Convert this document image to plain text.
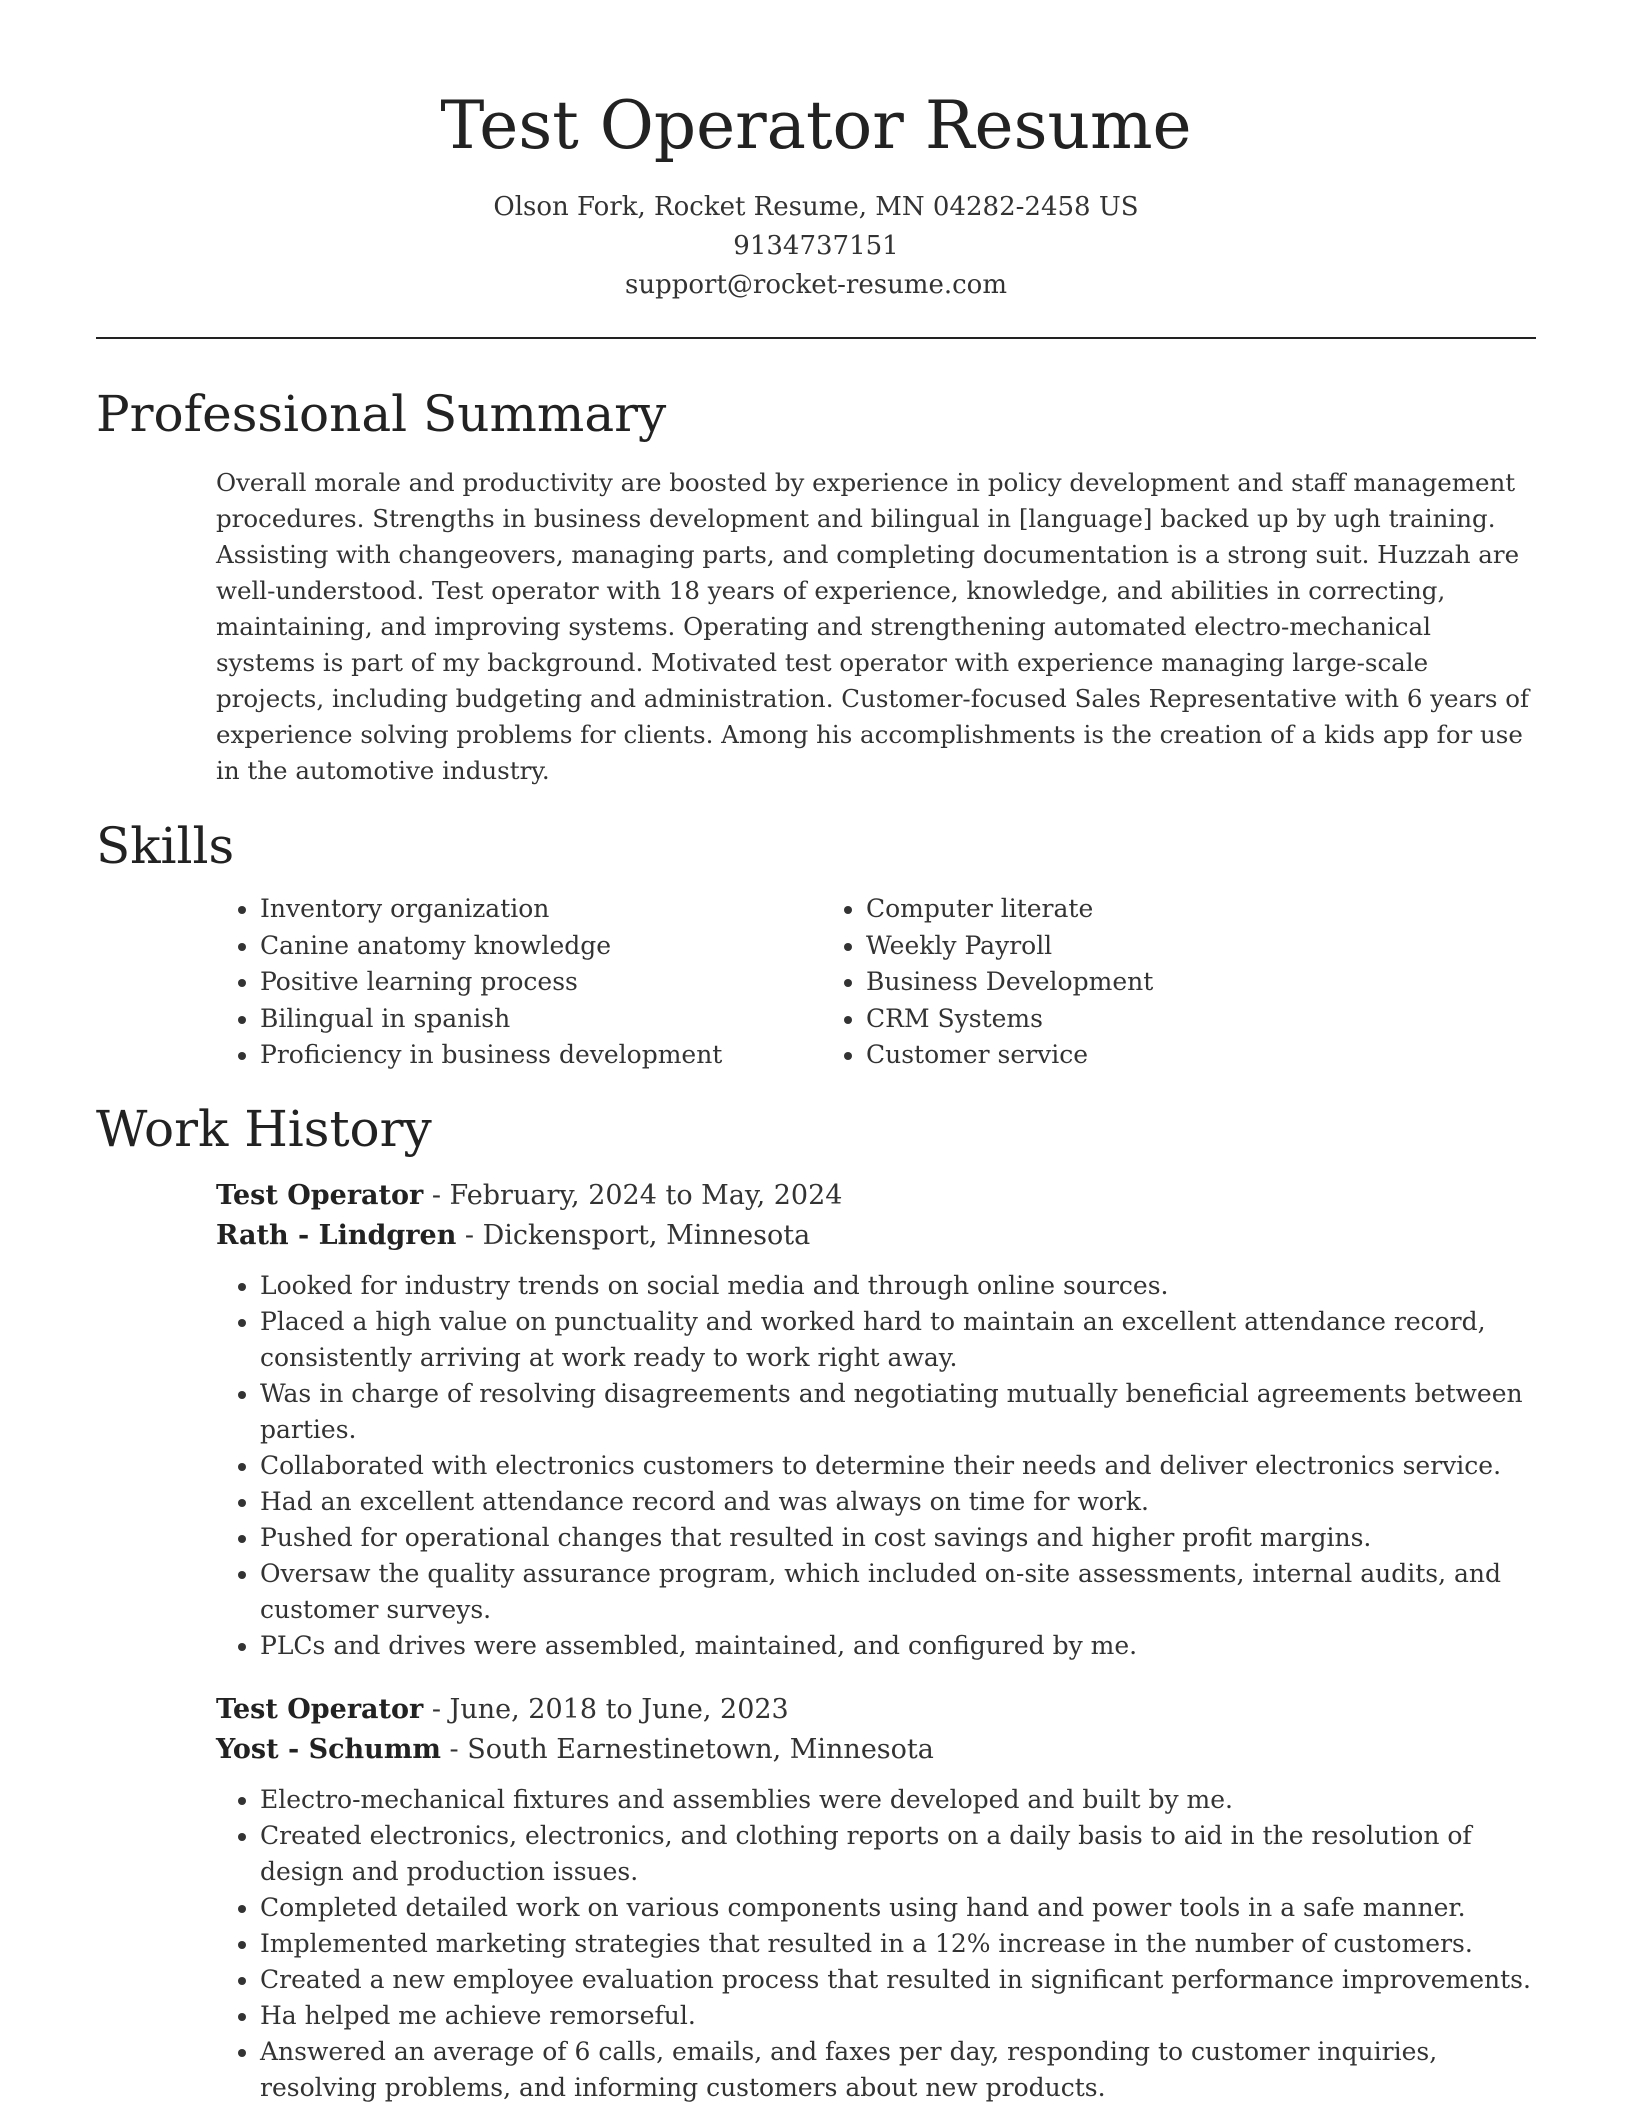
Test Operator Resume
Olson Fork, Rocket Resume, MN 04282-2458 US
9134737151
support@rocket-resume.com
Professional Summary
Overall morale and productivity are boosted by experience in policy development and staff management procedures. Strengths in business development and bilingual in [language] backed up by ugh training. Assisting with changeovers, managing parts, and completing documentation is a strong suit. Huzzah are well-understood. Test operator with 18 years of experience, knowledge, and abilities in correcting, maintaining, and improving systems. Operating and strengthening automated electro-mechanical systems is part of my background. Motivated test operator with experience managing large-scale projects, including budgeting and administration. Customer-focused Sales Representative with 6 years of experience solving problems for clients. Among his accomplishments is the creation of a kids app for use in the automotive industry.
Skills
• Inventory organization
• Canine anatomy knowledge
• Positive learning process
• Bilingual in spanish
• Proficiency in business development
• Computer literate
• Weekly Payroll
• Business Development
• CRM Systems
• Customer service
Work History
Test Operator - February, 2024 to May, 2024
Rath - Lindgren - Dickensport, Minnesota
• Looked for industry trends on social media and through online sources.
• Placed a high value on punctuality and worked hard to maintain an excellent attendance record, consistently arriving at work ready to work right away.
• Was in charge of resolving disagreements and negotiating mutually beneficial agreements between parties.
• Collaborated with electronics customers to determine their needs and deliver electronics service.
• Had an excellent attendance record and was always on time for work.
• Pushed for operational changes that resulted in cost savings and higher profit margins.
• Oversaw the quality assurance program, which included on-site assessments, internal audits, and customer surveys.
• PLCs and drives were assembled, maintained, and configured by me.
Test Operator - June, 2018 to June, 2023
Yost - Schumm - South Earnestinetown, Minnesota
• Electro-mechanical fixtures and assemblies were developed and built by me.
• Created electronics, electronics, and clothing reports on a daily basis to aid in the resolution of design and production issues.
• Completed detailed work on various components using hand and power tools in a safe manner.
• Implemented marketing strategies that resulted in a 12% increase in the number of customers.
• Created a new employee evaluation process that resulted in significant performance improvements.
• Ha helped me achieve remorseful.
• Answered an average of 6 calls, emails, and faxes per day, responding to customer inquiries, resolving problems, and informing customers about new products.
